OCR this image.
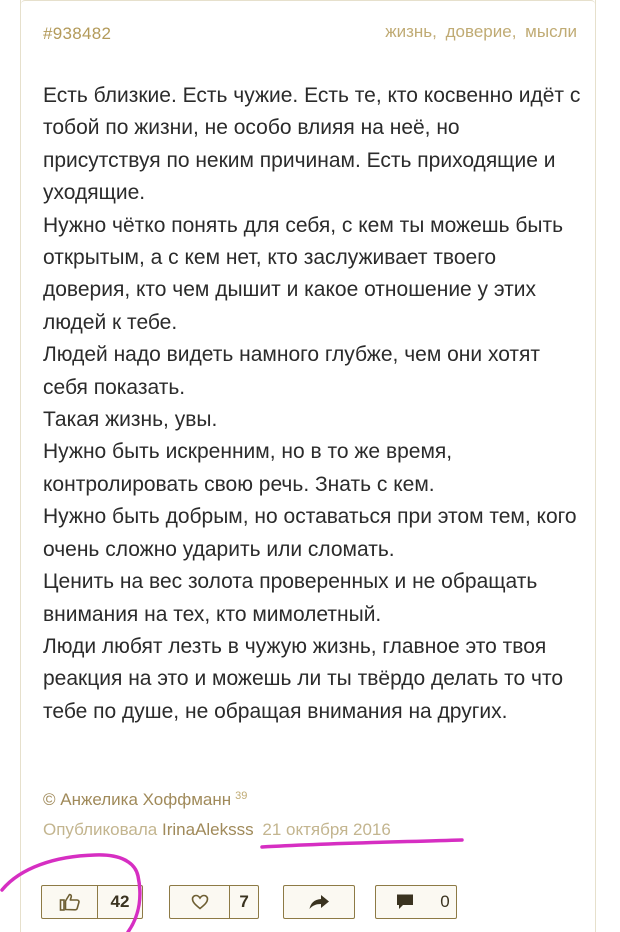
#938482	жизнь, доверие, мысли

Есть близкие. Есть чужие. Есть те, кто косвенно идёт с тобой по жизни, не особо влияя на неё, но присутствуя по неким причинам. Есть приходящие и уходящие.

Нужно чётко понять для себя, с кем ты можешь быть открытым, а с кем нет, кто заслуживает твоего доверия, кто чем дышит и какое отношение у этих людей к тебе.

Людей надо видеть намного глубже, чем они хотят себя показать.

Такая жизнь, увы.

Нужно быть искренним, но в то же время, контролировать свою речь. Знать с кем.

Нужно быть добрым, но оставаться при этом тем, кого очень сложно ударить или сломать.

Ценить на вес золота проверенных и не обращать внимания на тех, кто мимолетный.

Люди любят лезть в чужую жизнь, главное это твоя реакция на это и можешь ли ты твёрдо делать то что тебе по душе, не обращая внимания на других.

© Анжелика Хоффманн $^{39}$
Опубликовала IrinaAleksss 21 октября 2016
42	7	0
